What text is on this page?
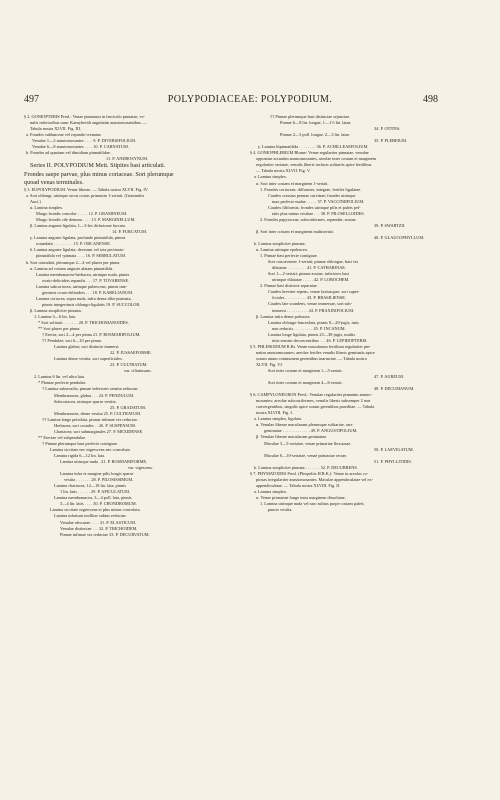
497	POLYPODIACEAE: POLYPODIUM.	498
§ 2. GONIOPTERIS Presl.: Venae pinnarum in fasciculo pinnatae, ve-
nulis inferioribus nunc Kaeayhreidi angulatim anastomosantibus. —
Tabula nostra XLVII. Fig. III.
a. Frondes sublanceae vel repando-crenatae.
Venulae 1—2 anastomosantes . . . . 9. P. DIVERSIFOLIUM.
Venulae 6—8 anastomosantes . . . . 10. P. CARNATUM.
b. Frondes ad quartam vel dimidiam pinnatifidae.
11. P. ANDROSYNUM.
Series II. POLYPODIUM Mett. Stipites basi articulati.
Frondes saepe parvae, plus minus coriaceae. Sori plerumque
quoad venas terminales.
§ 3. EUPOLYPODIUM. Venae liberae. — Tabula nostra XLVII. Fig. IV.
a. Sori oblongi, utrinque secus costas primarias 1-seriati. (Grammitis
Auct.)
α. Lamina simplex.
Margo frondis concolor . . . . . 12. P. GRAMINEUM.
Margo frondis cile demum . . . . 13. P. MARGINELLUM.
β. Lamina anguste ligulata, 1—3-les dichotome furcata.
14. P. FURCATUM.
γ. Lamina anguste ligulata, profunde pinnatifida, pinnis
rotundatis . . . . . . . . . 15. P. OBCANENSE.
δ. Lamina anguste ligulata, deorsum vel tota pectinato-
pinnatifida vel -pinnata . . . . 16. P. SERRULATUM.
b. Sori rotundati, plerumque 2—4 vel plures per pinna.
α. Lamina ad costam anguste alatam pinnatifida.
Lamina membranacea-herbacea, utrinque nuda, pinnis
ovato-deltoideis repandis . . . 17. P. TOVARENSE.
Lamina subcoriacea, utrinque pubescens, pinnis inte-
gerrimis ovato-deltoideis . . . 18. P. KARELIANUM.
Lamina coriacea, supra nuda, infra dense albo-pruinata,
pinnis integerrimis oblongo-ligulatis 19. P. SUCCOLOR.
β. Lamina simpliciter pinnata.
1. Lamina 3—6 lin. lata.
* Sori solitarii . . . . . . . 20. P. TRICHOMANOIDES.
** Sori plures per pinna.
† Erecta; sori 2—4 per pinna 21. P. ROSMARIFOLIUM.
†† Pendulae; sori 6—10 per pinna.
Lamina glabra; sori distincte immersi.
22. P. JUSSAEFORME.
Lamina dense vestita, sori superficiales.
23. P. CULTRATUM.
var. ciliatiusum.
2. Lamina 6 lin. vel ultra lata.
* Plantae perfecte pendulae.
† Lamina subsessilis; pinnae inferiores sensim reductae.
Membranacea, glabra . . . 24. P. PENDULUM.
Subcoriacea, utrinque sparse vestita.
25. P. GRADATUM.
Membranacea, dense vestita 25. P. CULTRATUM.
†† Lamina longe petiolata, pinnae infimae vix reductae.
Herbacea; sori costales . . 26. P. SUSPENSUM.
Chartacea; sori submarginales 27. P. MEXIDENSE.
** Erectae vel subpendulae.
† Pinnae plerumque basi perfecte contiguae.
Lamina siccitate nec nigrescens nec convoluta.
Lamina rigida 6—12 lin. lata.
Lamina utrinque nuda . 21. P. ROSMARIFORME,
var. vigescens.
Lamina infra et margine pilis longis sparse
vestita . . . . . . . 28. P. PILOSISSIMUM.
Lamina chartacea, 12—18 lin. lata, pinnis
1 lin. latis . . . . . . 29. P. APICULATUM.
Lamina membranacea, 3—4 poll. lata, pinnis
3—4 lin. latis . . . . 30. P. CHONDROMUM.
Lamina siccitate nigrescens et plus minus convoluta.
Lamina infraturn molliter subtus reductae.
Venulae obscurae . . . . 31. P. ELASTICUM.
Venulae distinctae . . . 32. P. TRICHOIDEM.
Pinnae infimae vix reductae 33. P. DECURVATUM.
†† Pinnae plerumque basi distinctae sejunctae.
Pinnae 6—8 lin. longae, 1—1½ lin. latae.
34. P. OTITES.
Pinnae 2—3 poll. longae, 2—3 lin. latae.
35. P. PLEBEIUM.
γ. Lamina bipinnatifida . . . . . . . . 36. P. ACHILLEAEFOLIUM.
§ 4. GONIOPHLEBIUM Blume: Venae regulariter pinnatae, venulae
oppositae arcuatim anastomosantes, areolae inter costam et marginem
regulariter seriatae, venulis liberis inclusis solitariis apice fertilibus.
— Tabula nostra XLVII. Fig. V.
a. Lamina simplex.
α. Sori inter costam et marginem 1-seriati.
1. Frondes coriaceae, difformes, integrae, fertiles ligulatae.
Caudex crassius pennae curvinae; frondes utrinque
max perfecte nudae . . . . . 37. P. VACCINIIFOLIUM.
Caudex filiformis; frondes utrinque pilis et paleis pel-
tatis plus minus vestitae . . . 38. P. PILOSELLOIDES.
2. Frondes papyraceae, subconformes, repandae, acutae.
39. P. SWARTZII.
β. Sori inter costam et marginem multiseriati.
40. P. GLAUCOPHYLLUM.
b. Lamina simpliciter pinnata.
α. Lamina utrinque epaleacea.
1. Pinnae basi perfecte contiguae.
Sori concaventer 1-seriati; pinnae oblongae, basi vix
dilatatae . . . . . . . . . 41. P. CATHARINAE.
Sori 1—2-seriati; pinnae acutae, inferiores basi
utrinque dilatatae . . . . . 42. P. LOBOCHEM.
2. Pinnae basi distincte separatae.
Caudex breviter repens, venae laxiuscpae, sori super-
ficiales . . . . . . . . . . 43. P. BRASILIENSE.
Caudex late scandens, venae immersae, sori sub-
immersi . . . . . . . . . . 44. P. FRAXINIFOLIUM.
β. Lamina infra dense paleacea.
Lamina oblongo-lanceolata, pinnis 8—20-jugis, imis
non reductis . . . . . . . . . 45. P. INCANUM.
Lamina longe ligulata, pinnis 25—30-jugis, multis
imis sensim decrescentibus . . . 46. P. LEPIDOPTERIS.
§ 5. PHLEBODIUM R.Br. Venae macularum fertilium regulariter pin-
natim anastomosantes; areolae fertiles venulis liberis geminatis apice
sorum unum communem gerentibus inarmctae. — Tabula nostra
XLVII. Fig. VI.
Sori inter costam et marginem 1—5-seriati.
47. P. AUREUM.
Sori inter costam et marginem 4—6-seriati.
48. P. DECUMANUM.
§ 6. CAMPYLONEURON Presl.: Venulae regulariter pinnatim anasto-
mosantes; areolae subcostiformes, venulis liberis subsemper 2 non
convergentibus, singulis apice soram gerentibus praeditae. — Tabula
nostra XLVIII. Fig. I.
a. Lamina simplex, ligulata.
α. Venulae liberae macularum plerumque solitariae, rare
geminatae . . . . . . . . . . . . . 49. P. ANGUSTIFOLIUM.
β. Venulae liberae macularum geminatae.
Maculae 3—5-seriatae, venae primariae flexuosae.
50. P. LAEVIGATUM.
Maculae 6—10-seriatae, venae primariae rectae.
51. P. PHYLLITIDIS.
b. Lamina simpliciter pinnata . . . . . . . 52. P. DECURRENS.
§ 7. PHYMATODES Presl. (Pleopeltis H.B.K.): Venae in areolas co-
piosas irregulariter anastomosantes. Maculae appendiculatae vel ex-
appendiculatae. — Tabula nostra XLVIII. Fig. II.
a. Lamina simplex.
α. Venae primariae longe intra marginem dissolutae.
1. Lamina utrinque nuda vel raro subtus prope costam paleis
paucis vestita.
